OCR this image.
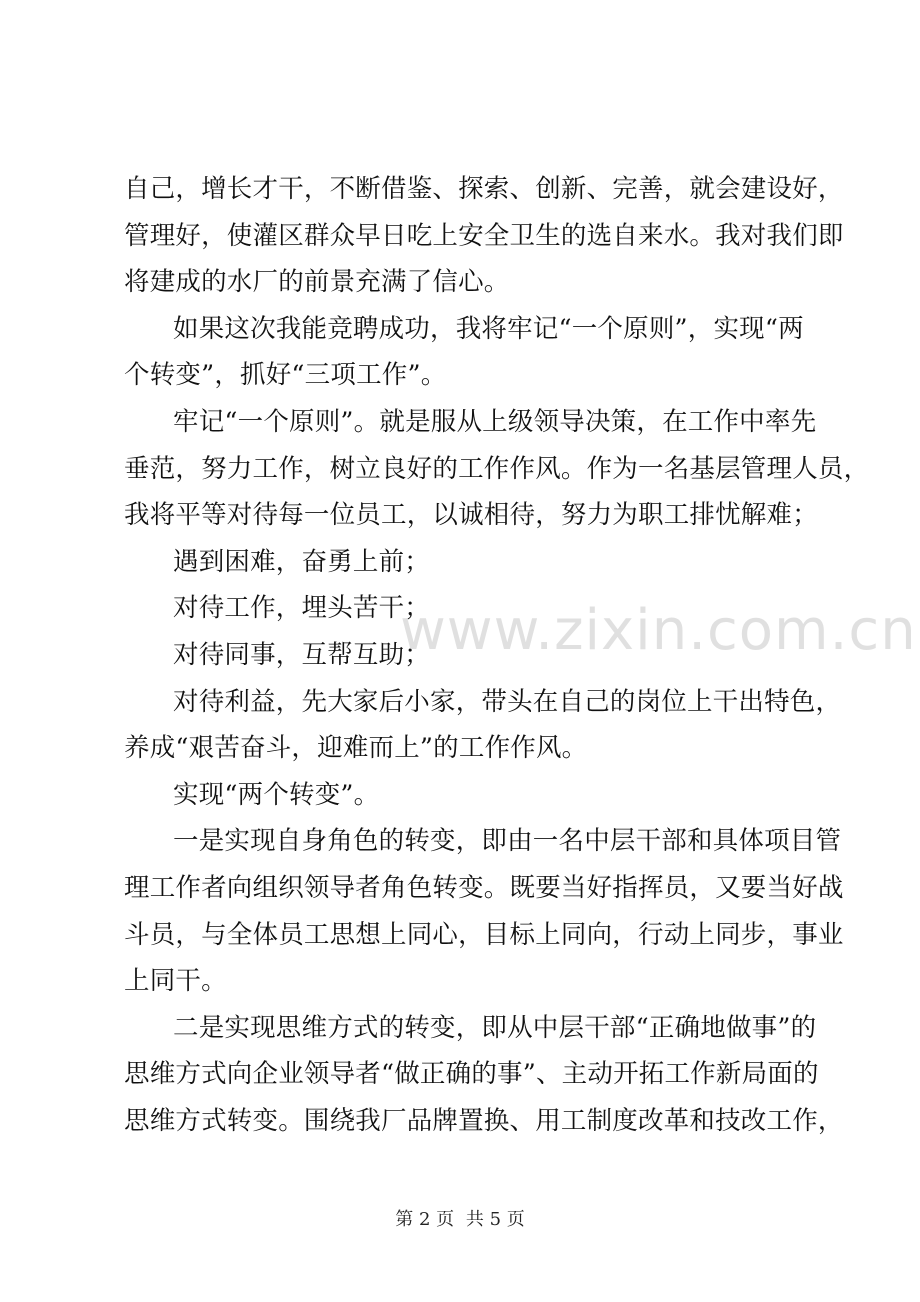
自己，增长才干，不断借鉴、探索、创新、完善，就会建设好，
管理好，使灌区群众早日吃上安全卫生的选自来水。我对我们即
将建成的水厂的前景充满了信心。
如果这次我能竞聘成功，我将牢记“一个原则”，实现“两
个转变”，抓好“三项工作”。
牢记“一个原则”。就是服从上级领导决策，在工作中率先
垂范，努力工作，树立良好的工作作风。作为一名基层管理人员，
我将平等对待每一位员工，以诚相待，努力为职工排忧解难；
遇到困难，奋勇上前；
对待工作，埋头苦干；
对待同事，互帮互助；
对待利益，先大家后小家，带头在自己的岗位上干出特色，
养成“艰苦奋斗，迎难而上”的工作作风。
实现“两个转变”。
一是实现自身角色的转变，即由一名中层干部和具体项目管
理工作者向组织领导者角色转变。既要当好指挥员，又要当好战
斗员，与全体员工思想上同心，目标上同向，行动上同步，事业
上同干。
二是实现思维方式的转变，即从中层干部“正确地做事”的
思维方式向企业领导者“做正确的事”、主动开拓工作新局面的
思维方式转变。围绕我厂品牌置换、用工制度改革和技改工作，
www.zixin.com.cn
第 2 页 共 5 页
